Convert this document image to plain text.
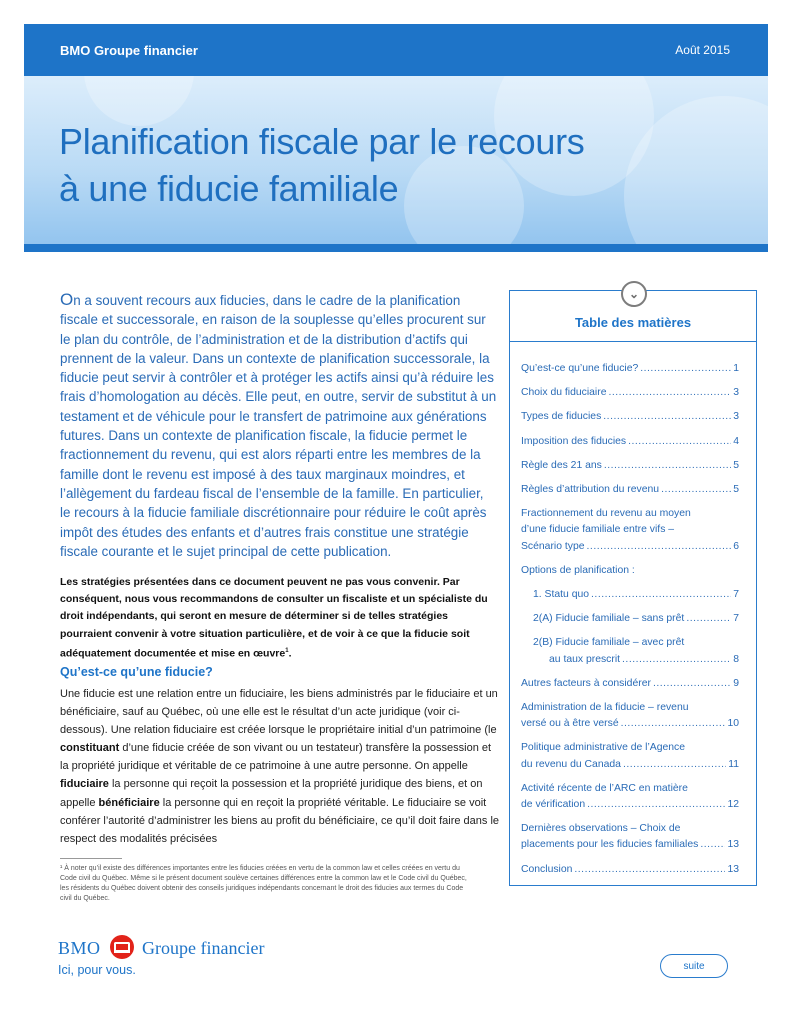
BMO Groupe financier	Août 2015
Planification fiscale par le recours
à une fiducie familiale

On a souvent recours aux fiducies, dans le cadre de la planification fiscale et successorale, en raison de la souplesse qu’elles procurent sur le plan du contrôle, de l’administration et de la distribution d’actifs qui prennent de la valeur. Dans un contexte de planification successorale, la fiducie peut servir à contrôler et à protéger les actifs ainsi qu’à réduire les frais d’homologation au décès. Elle peut, en outre, servir de substitut à un testament et de véhicule pour le transfert de patrimoine aux générations futures. Dans un contexte de planification fiscale, la fiducie permet le fractionnement du revenu, qui est alors réparti entre les membres de la famille dont le revenu est imposé à des taux marginaux moindres, et l’allègement du fardeau fiscal de l’ensemble de la famille. En particulier, le recours à la fiducie familiale discrétionnaire pour réduire le coût après impôt des études des enfants et d’autres frais constitue une stratégie fiscale courante et le sujet principal de cette publication.

Les stratégies présentées dans ce document peuvent ne pas vous convenir. Par conséquent, nous vous recommandons de consulter un fiscaliste et un spécialiste du droit indépendants, qui seront en mesure de déterminer si de telles stratégies pourraient convenir à votre situation particulière, et de voir à ce que la fiducie soit adéquatement documentée et mise en œuvre$^1$.

Qu’est-ce qu’une fiducie?

Une fiducie est une relation entre un fiduciaire, les biens administrés par le fiduciaire et un bénéficiaire, sauf au Québec, où une elle est le résultat d’un acte juridique (voir ci-dessous). Une relation fiduciaire est créée lorsque le propriétaire initial d’un patrimoine (le constituant d’une fiducie créée de son vivant ou un testateur) transfère la possession et la propriété juridique et véritable de ce patrimoine à une autre personne. On appelle fiduciaire la personne qui reçoit la possession et la propriété juridique des biens, et on appelle bénéficiaire la personne qui en reçoit la propriété véritable. Le fiduciaire se voit conférer l’autorité d’administrer les biens au profit du bénéficiaire, ce qu’il doit faire dans le respect des modalités précisées

¹ À noter qu’il existe des différences importantes entre les fiducies créées en vertu de la common law et celles créées en vertu du Code civil du Québec. Même si le présent document soulève certaines différences entre la common law et le Code civil du Québec, les résidents du Québec doivent obtenir des conseils juridiques indépendants concernant le droit des fiducies aux termes du Code civil du Québec.

⌄
Table des matières
Qu’est-ce qu’une fiducie? .....	1
Choix du fiduciaire .....	3
Types de fiducies .....	3
Imposition des fiducies .....	4
Règle des 21 ans .....	5
Règles d’attribution du revenu .....	5
Fractionnement du revenu au moyen
d’une fiducie familiale entre vifs –
Scénario type .....	6
Options de planification :
1. Statu quo .....	7
2(A) Fiducie familiale – sans prêt .....	7
2(B) Fiducie familiale – avec prêt
au taux prescrit .....	8
Autres facteurs à considérer .....	9
Administration de la fiducie – revenu
versé ou à être versé .....	10
Politique administrative de l’Agence
du revenu du Canada .....	11
Activité récente de l’ARC en matière
de vérification .....	12
Dernières observations – Choix de
placements pour les fiducies familiales .....	13
Conclusion .....	13
BMO Groupe financier
Ici, pour vous.	suite
